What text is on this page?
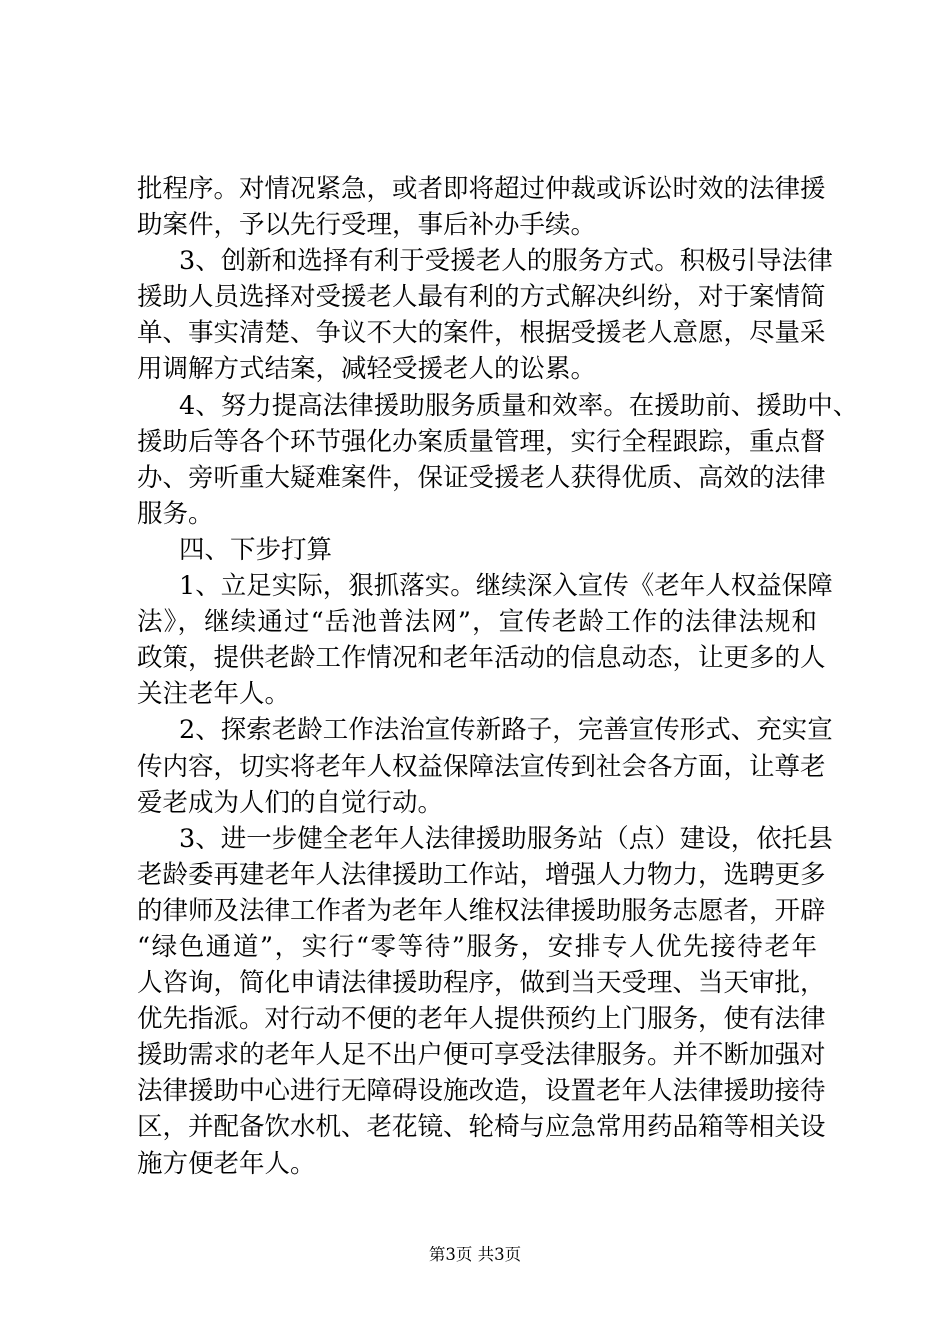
批程序。对情况紧急，或者即将超过仲裁或诉讼时效的法律援
助案件，予以先行受理，事后补办手续。
3、创新和选择有利于受援老人的服务方式。积极引导法律
援助人员选择对受援老人最有利的方式解决纠纷，对于案情简
单、事实清楚、争议不大的案件，根据受援老人意愿，尽量采
用调解方式结案，减轻受援老人的讼累。
4、努力提高法律援助服务质量和效率。在援助前、援助中、
援助后等各个环节强化办案质量管理，实行全程跟踪，重点督
办、旁听重大疑难案件，保证受援老人获得优质、高效的法律
服务。
四、下步打算
1、立足实际，狠抓落实。继续深入宣传《老年人权益保障
法》，继续通过“岳池普法网”，宣传老龄工作的法律法规和
政策，提供老龄工作情况和老年活动的信息动态，让更多的人
关注老年人。
2、探索老龄工作法治宣传新路子，完善宣传形式、充实宣
传内容，切实将老年人权益保障法宣传到社会各方面，让尊老
爱老成为人们的自觉行动。
3、进一步健全老年人法律援助服务站（点）建设，依托县
老龄委再建老年人法律援助工作站，增强人力物力，选聘更多
的律师及法律工作者为老年人维权法律援助服务志愿者，开辟
“绿色通道”，实行“零等待”服务，安排专人优先接待老年
人咨询，简化申请法律援助程序，做到当天受理、当天审批，
优先指派。对行动不便的老年人提供预约上门服务，使有法律
援助需求的老年人足不出户便可享受法律服务。并不断加强对
法律援助中心进行无障碍设施改造，设置老年人法律援助接待
区，并配备饮水机、老花镜、轮椅与应急常用药品箱等相关设
施方便老年人。
第3页 共3页
